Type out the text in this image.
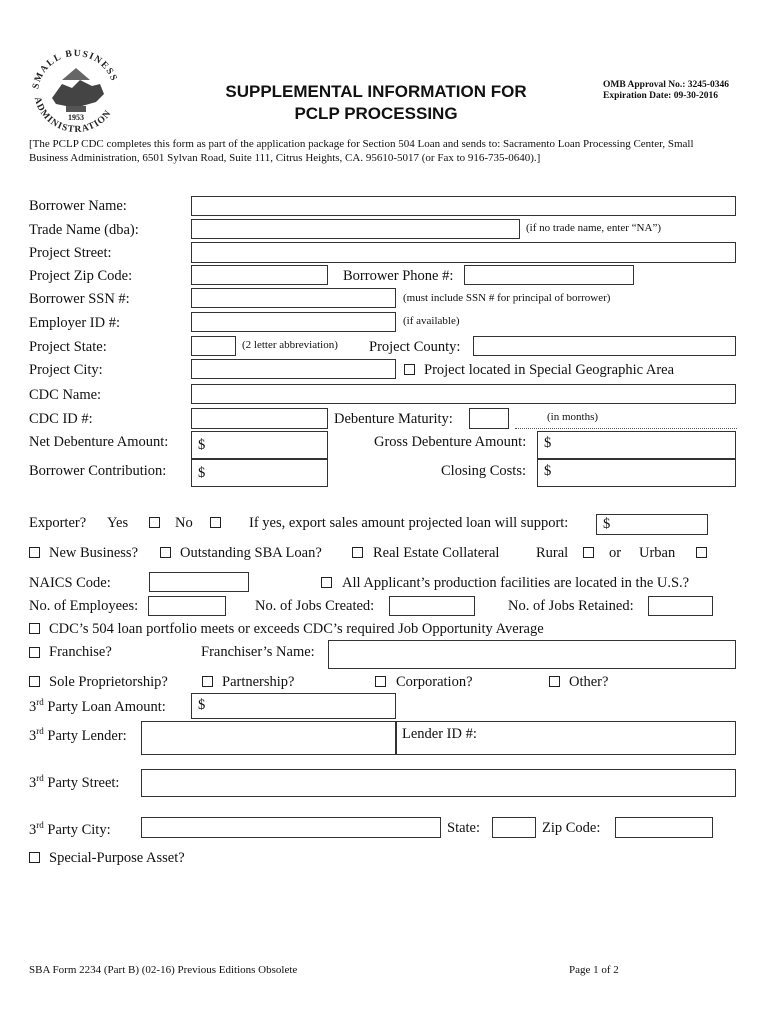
SMALL BUSINESS
ADMINISTRATION
1953
SUPPLEMENTAL INFORMATION FOR
PCLP PROCESSING
OMB Approval No.: 3245-0346
Expiration Date: 09-30-2016
[The PCLP CDC completes this form as part of the application package for Section 504 Loan and sends to: Sacramento Loan Processing Center, Small Business Administration, 6501 Sylvan Road, Suite 111, Citrus Heights, CA. 95610-5017 (or Fax to 916-735-0640).]
Borrower Name:
Trade Name (dba):	(if no trade name, enter “NA”)
Project Street:
Project Zip Code:	Borrower Phone #:
Borrower SSN #:	(must include SSN # for principal of borrower)
Employer ID #:	(if available)
Project State:	(2 letter abbreviation) Project County:
Project City:	Project located in Special Geographic Area
CDC Name:
CDC ID #:	Debenture Maturity:	(in months)
Net Debenture Amount:	$	Gross Debenture Amount:	$
Borrower Contribution:	$	Closing Costs:	$
Exporter? Yes	No	If yes, export sales amount projected loan will support:	$
New Business?	Outstanding SBA Loan?	Real Estate Collateral	Rural	or Urban
NAICS Code:	All Applicant’s production facilities are located in the U.S.?
No. of Employees:	No. of Jobs Created:	No. of Jobs Retained:
CDC’s 504 loan portfolio meets or exceeds CDC’s required Job Opportunity Average
Franchise?	Franchiser’s Name:
Sole Proprietorship?	Partnership?	Corporation?	Other?
3rd Party Loan Amount:	$
3rd Party Lender:	Lender ID #:
3rd Party Street:
3rd Party City:	State:	Zip Code:
Special-Purpose Asset?
SBA Form 2234 (Part B) (02-16) Previous Editions Obsolete	Page 1 of 2
